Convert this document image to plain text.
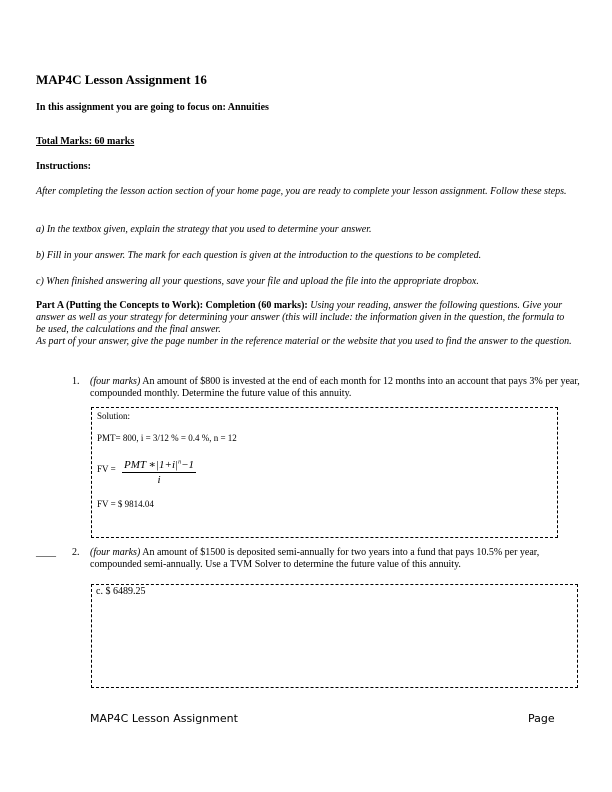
MAP4C Lesson Assignment 16
In this assignment you are going to focus on: Annuities
Total Marks: 60 marks
Instructions:
After completing the lesson action section of your home page, you are ready to complete your lesson assignment. Follow these steps.
a) In the textbox given, explain the strategy that you used to determine your answer.
b) Fill in your answer. The mark for each question is given at the introduction to the questions to be completed.
c) When finished answering all your questions, save your file and upload the file into the appropriate dropbox.
Part A (Putting the Concepts to Work): Completion (60 marks): Using your reading, answer the following questions. Give your answer as well as your strategy for determining your answer (this will include: the information given in the question, the formula to be used, the calculations and the final answer.
As part of your answer, give the page number in the reference material or the website that you used to find the answer to the question.
1. (four marks) An amount of $800 is invested at the end of each month for 12 months into an account that pays 3% per year, compounded monthly. Determine the future value of this annuity.
Solution:
PMT= 800, i = 3/12 % = 0.4 %, n = 12
FV = $\frac{PMT ∗|1+i|^n-1}{i}$
FV = $ 9814.04
____ 2. (four marks) An amount of $1500 is deposited semi-annually for two years into a fund that pays 10.5% per year, compounded semi-annually. Use a TVM Solver to determine the future value of this annuity.
c. $ 6489.25
MAP4C Lesson Assignment	Page
